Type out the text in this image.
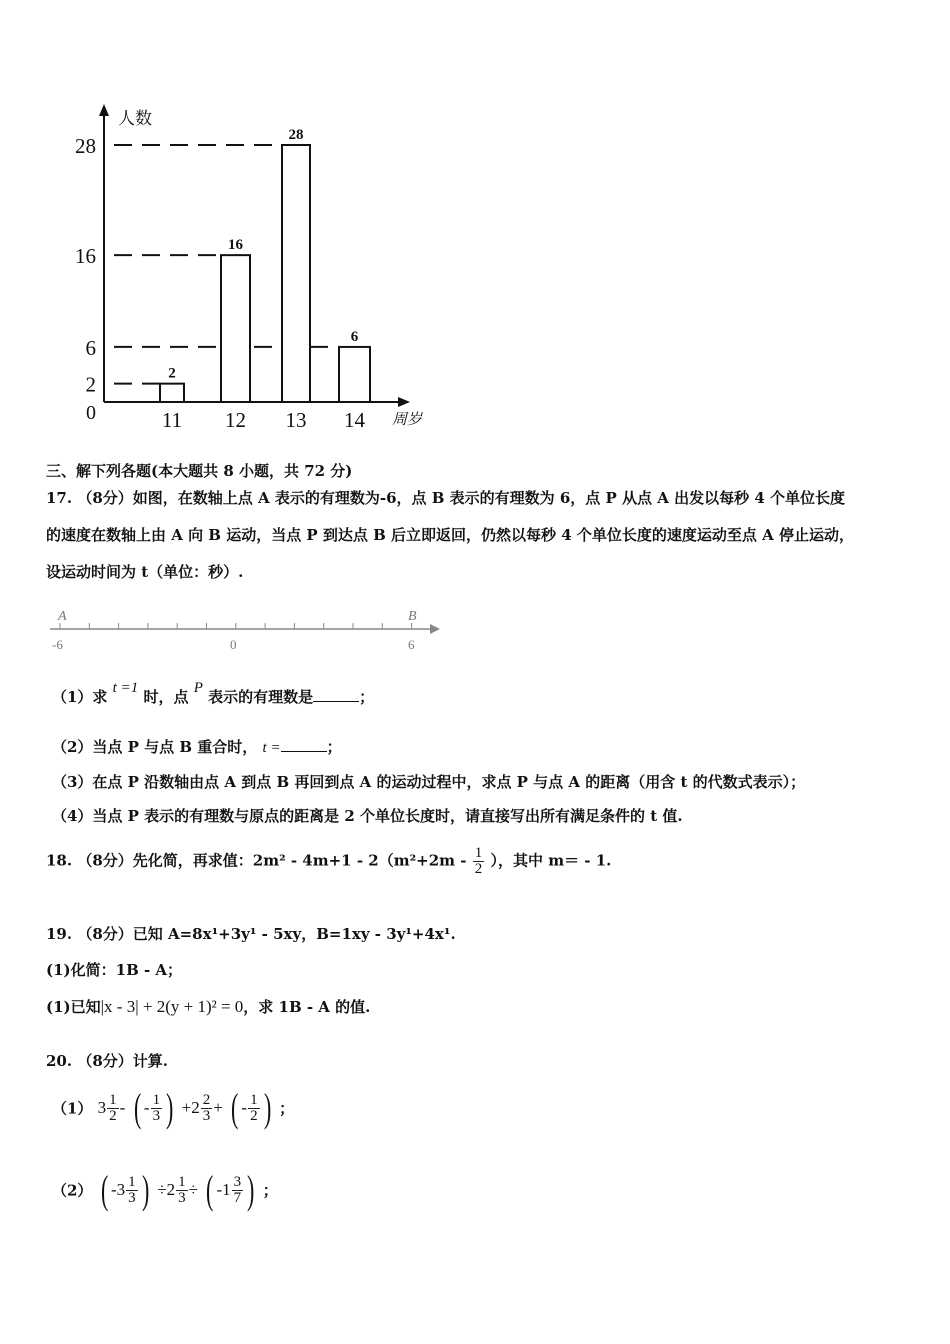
人数
周岁
0
2
6
16
28
2
11
16
12
28
13
6
14
三、解下列各题(本大题共 8 小题，共 72 分)
17. （8分）如图，在数轴上点 A 表示的有理数为-6，点 B 表示的有理数为 6，点 P 从点 A 出发以每秒 4 个单位长度
的速度在数轴上由 A 向 B 运动，当点 P 到达点 B 后立即返回，仍然以每秒 4 个单位长度的速度运动至点 A 停止运动，
设运动时间为 t（单位：秒）.
A	B
-6	0	6
（1）求 t =1 时，点 P 表示的有理数是	；
（2）当点 P 与点 B 重合时， t =	；
（3）在点 P 沿数轴由点 A 到点 B 再回到点 A 的运动过程中，求点 P 与点 A 的距离（用含 t 的代数式表示）；
（4）当点 P 表示的有理数与原点的距离是 2 个单位长度时，请直接写出所有满足条件的 t 值.
18. （8分）先化简，再求值：$2m^2 - 4m+1 - 2(m^2+2m - \frac{1}{2}$ ），其中 m＝ - 1.
19. （8分）已知 A=8x¹+3y¹ - 5xy，B=1xy - 3y¹+4x¹.
(1)化简：1B - A；
(1)已知|x - 3| + 2(y + 1)² = 0，求 1B - A 的值.
20. （8分）计算.
（1） $3 \frac{1}{2}$ - ( - $\frac{1}{3}$ ) $+2 \frac{2}{3}$ + ( - $\frac{1}{2}$ ) ；
（2） ( $-3 \frac{1}{3}$ ) $\div 2 \frac{1}{3}$ ÷ ( $-1 \frac{3}{7}$ ) ；
